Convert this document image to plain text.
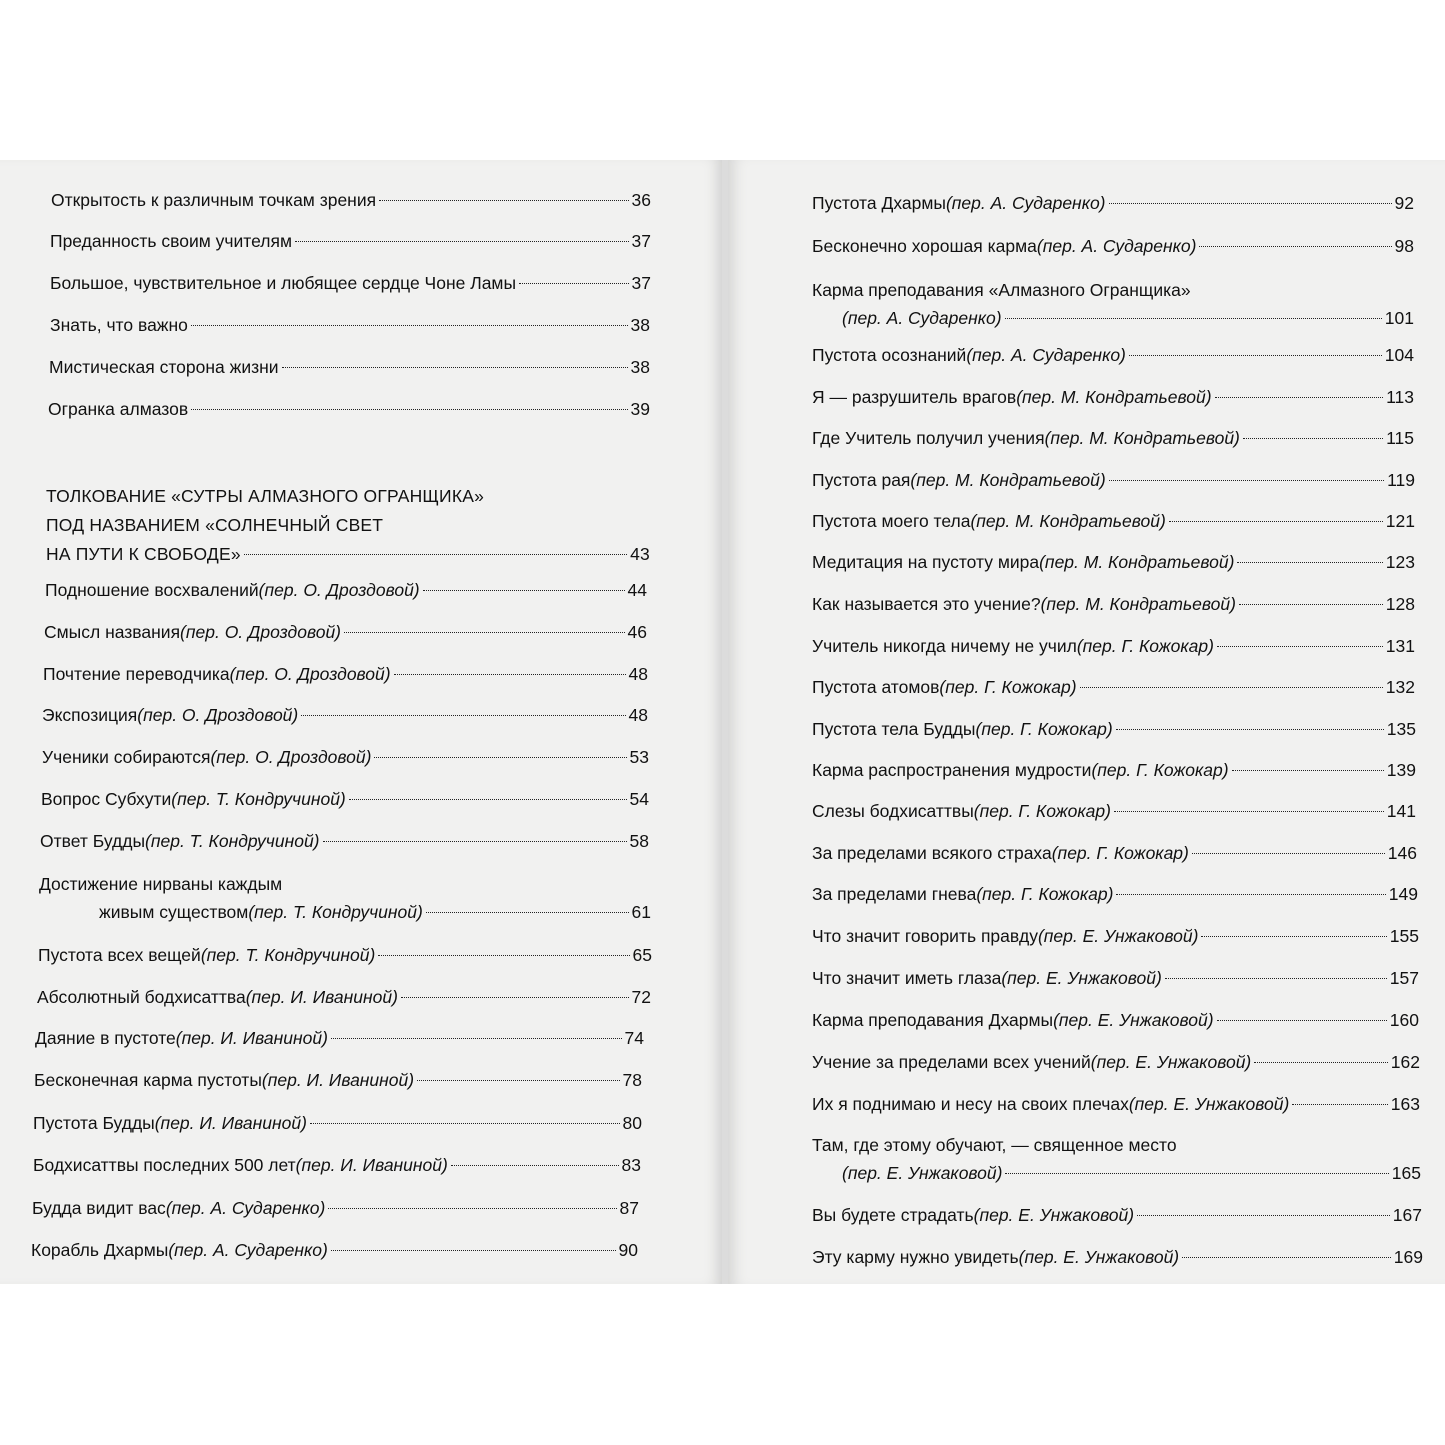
ТОЛКОВАНИЕ «СУТРЫ АЛМАЗНОГО ОГРАНЩИКА»
ПОД НАЗВАНИЕМ «СОЛНЕЧНЫЙ СВЕТ
НА ПУТИ К СВОБОДЕ»	43
Открытость к различным точкам зрения	36
Преданность своим учителям	37
Большое, чувствительное и любящее сердце Чоне Ламы	37
Знать, что важно	38
Мистическая сторона жизни	38
Огранка алмазов	39
Подношение восхвалений (пер. О. Дроздовой)	44
Смысл названия (пер. О. Дроздовой)	46
Почтение переводчика (пер. О. Дроздовой)	48
Экспозиция (пер. О. Дроздовой)	48
Ученики собираются (пер. О. Дроздовой)	53
Вопрос Субхути (пер. Т. Кондручиной)	54
Ответ Будды (пер. Т. Кондручиной)	58
Достижение нирваны каждым
живым существом (пер. Т. Кондручиной)	61
Пустота всех вещей (пер. Т. Кондручиной)	65
Абсолютный бодхисаттва (пер. И. Иваниной)	72
Даяние в пустоте (пер. И. Иваниной)	74
Бесконечная карма пустоты (пер. И. Иваниной)	78
Пустота Будды (пер. И. Иваниной)	80
Бодхисаттвы последних 500 лет (пер. И. Иваниной)	83
Будда видит вас (пер. А. Сударенко)	87
Корабль Дхармы (пер. А. Сударенко)	90
Пустота Дхармы (пер. А. Сударенко)	92
Бесконечно хорошая карма (пер. А. Сударенко)	98
Карма преподавания «Алмазного Огранщика»
(пер. А. Сударенко)	101
Пустота осознаний (пер. А. Сударенко)	104
Я — разрушитель врагов (пер. М. Кондратьевой)	113
Где Учитель получил учения (пер. М. Кондратьевой)	115
Пустота рая (пер. М. Кондратьевой)	119
Пустота моего тела (пер. М. Кондратьевой)	121
Медитация на пустоту мира (пер. М. Кондратьевой)	123
Как называется это учение? (пер. М. Кондратьевой)	128
Учитель никогда ничему не учил (пер. Г. Кожокар)	131
Пустота атомов (пер. Г. Кожокар)	132
Пустота тела Будды (пер. Г. Кожокар)	135
Карма распространения мудрости (пер. Г. Кожокар)	139
Слезы бодхисаттвы (пер. Г. Кожокар)	141
За пределами всякого страха (пер. Г. Кожокар)	146
За пределами гнева (пер. Г. Кожокар)	149
Что значит говорить правду (пер. Е. Унжаковой)	155
Что значит иметь глаза (пер. Е. Унжаковой)	157
Карма преподавания Дхармы (пер. Е. Унжаковой)	160
Учение за пределами всех учений (пер. Е. Унжаковой)	162
Их я поднимаю и несу на своих плечах (пер. Е. Унжаковой)	163
Там, где этому обучают, — священное место
(пер. Е. Унжаковой)	165
Вы будете страдать (пер. Е. Унжаковой)	167
Эту карму нужно увидеть (пер. Е. Унжаковой)	169
